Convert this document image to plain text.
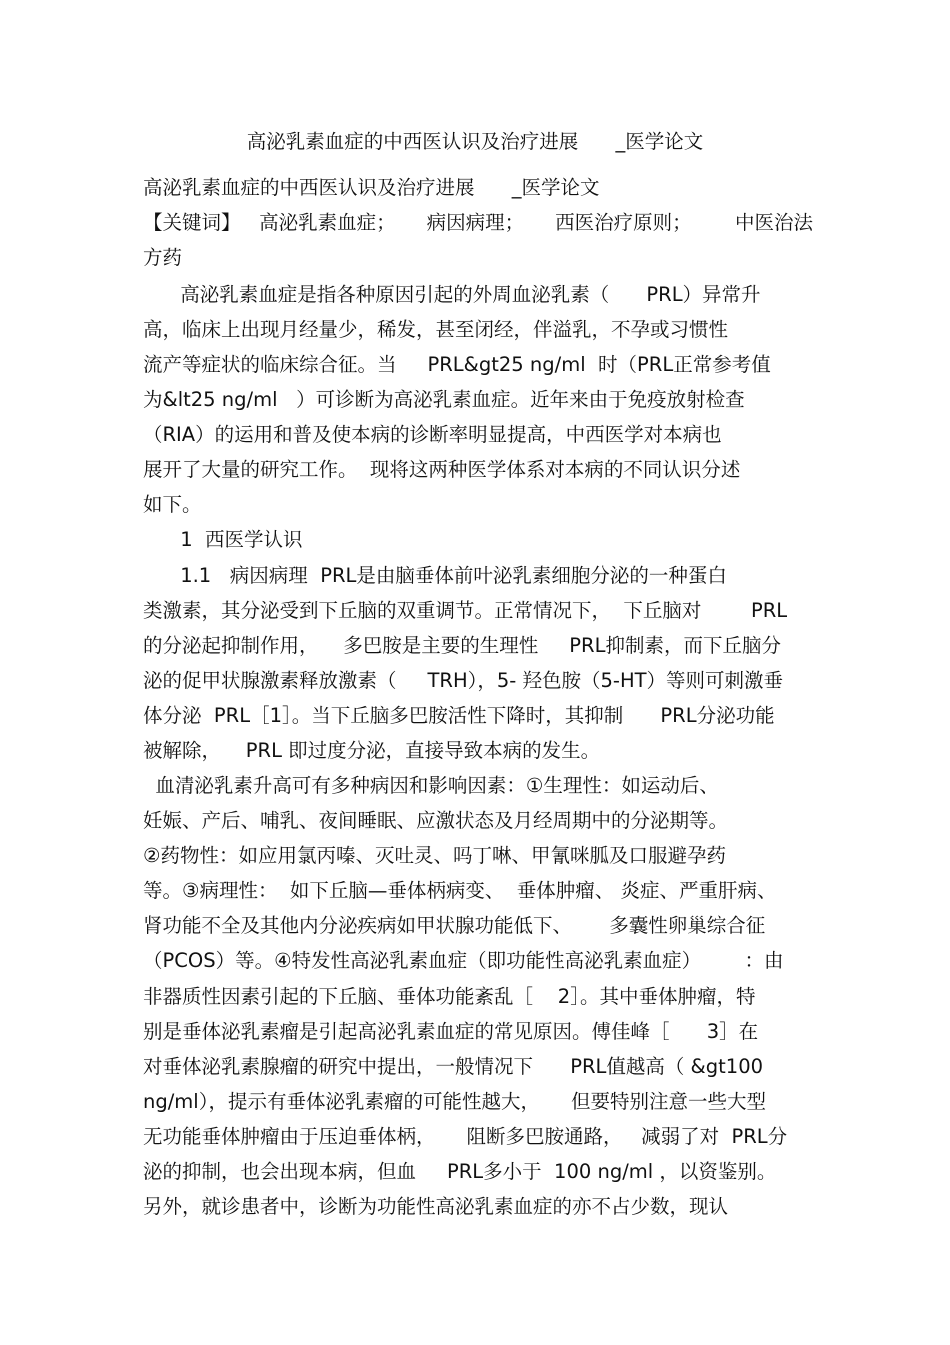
高泌乳素血症的中西医认识及治疗进展      _医学论文
高泌乳素血症的中西医认识及治疗进展      _医学论文
【关键词】   高泌乳素血症；     病因病理；     西医治疗原则；       中医治法
方药
高泌乳素血症是指各种原因引起的外周血泌乳素（      PRL）异常升
高，临床上出现月经量少，稀发，甚至闭经，伴溢乳，不孕或习惯性
流产等症状的临床综合征。当     PRL&gt25 ng/ml  时（PRL正常参考值
为&lt25 ng/ml   ）可诊断为高泌乳素血症。近年来由于免疫放射检查
（RIA）的运用和普及使本病的诊断率明显提高，中西医学对本病也
展开了大量的研究工作。  现将这两种医学体系对本病的不同认识分述
如下。
1  西医学认识
1.1   病因病理  PRL是由脑垂体前叶泌乳素细胞分泌的一种蛋白
类激素，其分泌受到下丘脑的双重调节。正常情况下，  下丘脑对        PRL
的分泌起抑制作用，    多巴胺是主要的生理性     PRL抑制素，而下丘脑分
泌的促甲状腺激素释放激素（     TRH），5- 羟色胺（5-HT）等则可刺激垂
体分泌  PRL［1］。当下丘脑多巴胺活性下降时，其抑制      PRL分泌功能
被解除，    PRL 即过度分泌，直接导致本病的发生。
血清泌乳素升高可有多种病因和影响因素：①生理性：如运动后、
妊娠、产后、哺乳、夜间睡眠、应激状态及月经周期中的分泌期等。
②药物性：如应用氯丙嗪、灭吐灵、吗丁啉、甲氰咪胍及口服避孕药
等。③病理性：  如下丘脑—垂体柄病变、  垂体肿瘤、 炎症、严重肝病、
肾功能不全及其他内分泌疾病如甲状腺功能低下、      多囊性卵巢综合征
（PCOS）等。④特发性高泌乳素血症（即功能性高泌乳素血症）       ：由
非器质性因素引起的下丘脑、垂体功能紊乱［    2］。其中垂体肿瘤，特
别是垂体泌乳素瘤是引起高泌乳素血症的常见原因。傅佳峰［      3］在
对垂体泌乳素腺瘤的研究中提出，一般情况下      PRL值越高（ &gt100
ng/ml），提示有垂体泌乳素瘤的可能性越大，     但要特别注意一些大型
无功能垂体肿瘤由于压迫垂体柄，     阻断多巴胺通路，   减弱了对  PRL分
泌的抑制，也会出现本病，但血     PRL多小于  100 ng/ml ，以资鉴别。
另外，就诊患者中，诊断为功能性高泌乳素血症的亦不占少数，现认
